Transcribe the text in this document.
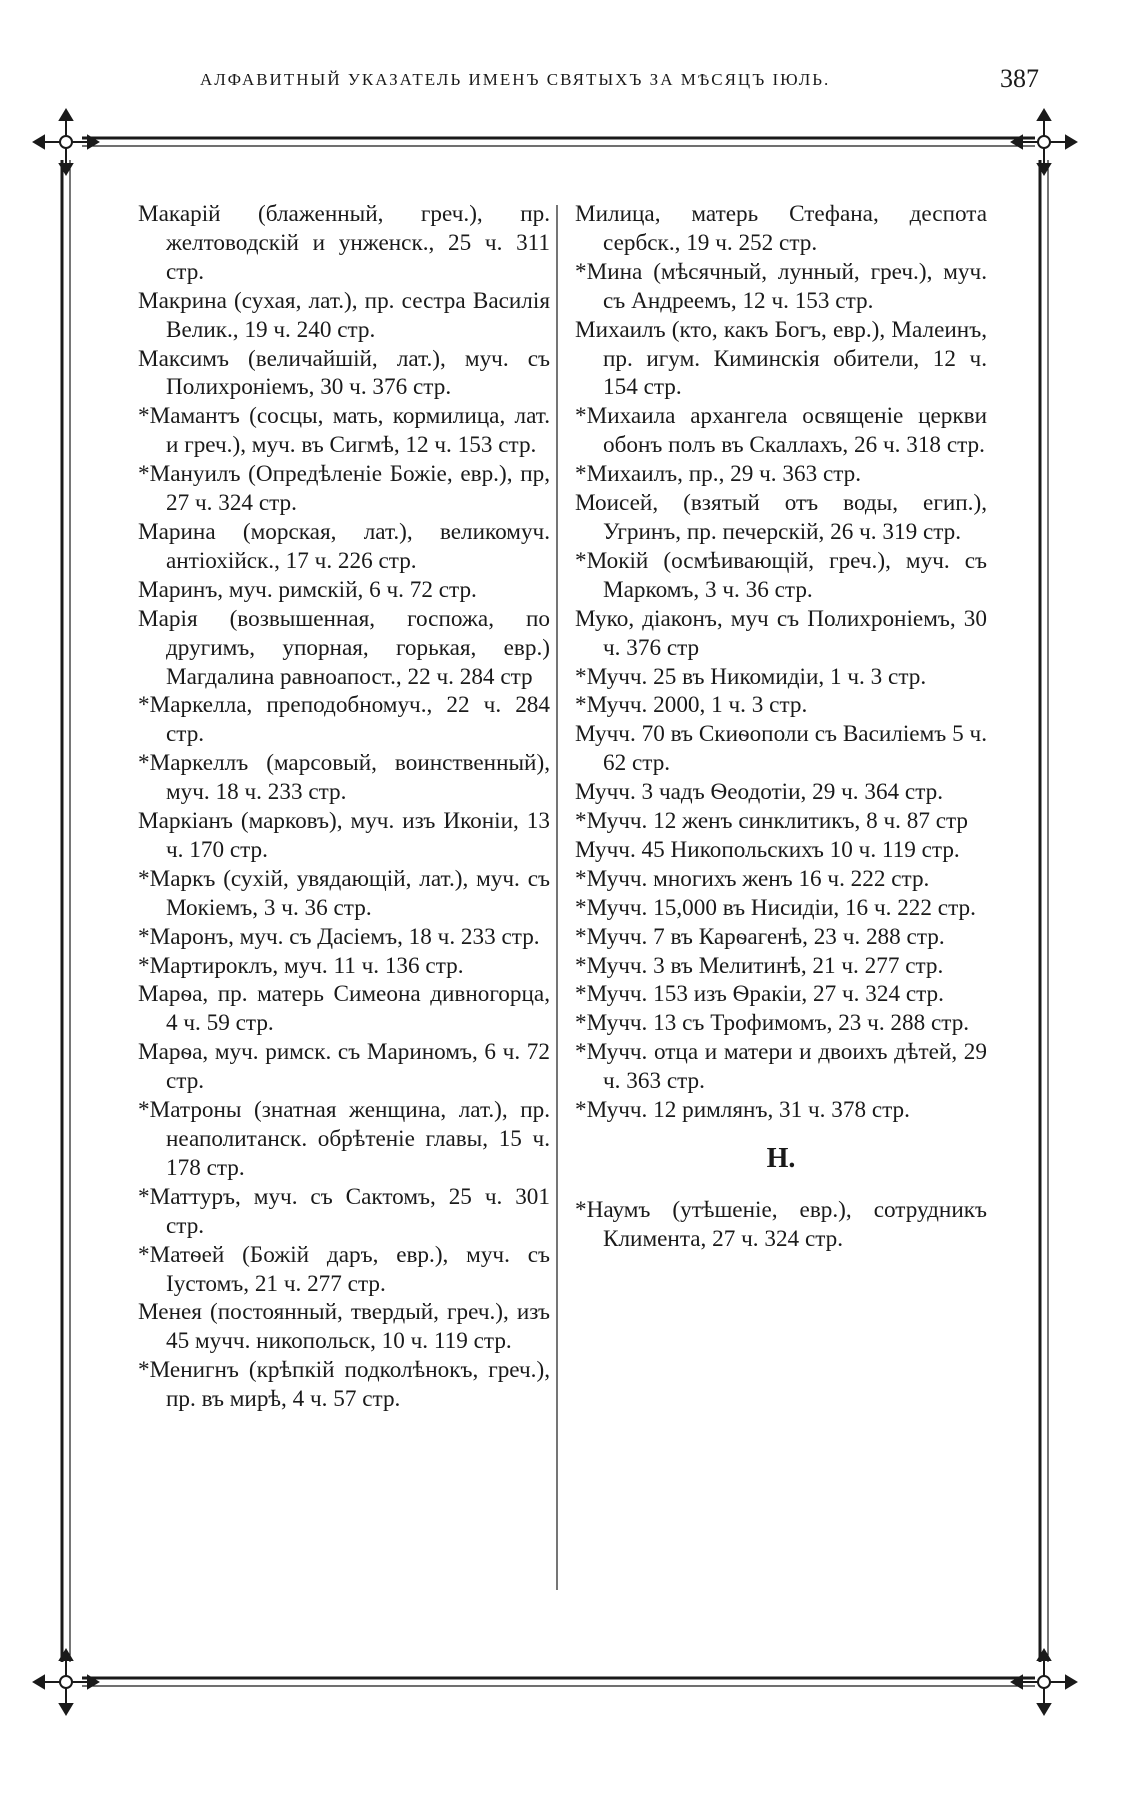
АЛФАВИТНЫЙ УКАЗАТЕЛЬ ИМЕНЪ СВЯТЫХЪ ЗА МѢСЯЦЪ ІЮЛЬ.	387
Макарій (блаженный, греч.), пр. желтоводскій и унженск., 25 ч. 311 стр.
Макрина (сухая, лат.), пр. сестра Василія Велик., 19 ч. 240 стр.
Максимъ (величайшій, лат.), муч. съ Полихроніемъ, 30 ч. 376 стр.
*Мамантъ (сосцы, мать, кормилица, лат. и греч.), муч. въ Сигмѣ, 12 ч. 153 стр.
*Мануилъ (Опредѣленіе Божіе, евр.), пр, 27 ч. 324 стр.
Марина (морская, лат.), великомуч. антіохійск., 17 ч. 226 стр.
Маринъ, муч. римскій, 6 ч. 72 стр.
Марія (возвышенная, госпожа, по другимъ, упорная, горькая, евр.) Магдалина равноапост., 22 ч. 284 стр
*Маркелла, преподобномуч., 22 ч. 284 стр.
*Маркеллъ (марсовый, воинственный), муч. 18 ч. 233 стр.
Маркіанъ (марковъ), муч. изъ Иконіи, 13 ч. 170 стр.
*Маркъ (сухій, увядающій, лат.), муч. съ Мокіемъ, 3 ч. 36 стр.
*Маронъ, муч. съ Дасіемъ, 18 ч. 233 стр.
*Мартироклъ, муч. 11 ч. 136 стр.
Марѳа, пр. матерь Симеона дивногорца, 4 ч. 59 стр.
Марѳа, муч. римск. съ Мариномъ, 6 ч. 72 стр.
*Матроны (знатная женщина, лат.), пр. неаполитанск. обрѣтеніе главы, 15 ч. 178 стр.
*Маттуръ, муч. съ Сактомъ, 25 ч. 301 стр.
*Матѳей (Божій даръ, евр.), муч. съ Іустомъ, 21 ч. 277 стр.
Менея (постоянный, твердый, греч.), изъ 45 мучч. никопольск, 10 ч. 119 стр.
*Менигнъ (крѣпкій подколѣнокъ, греч.), пр. въ мирѣ, 4 ч. 57 стр.
Милица, матерь Стефана, деспота сербск., 19 ч. 252 стр.
*Мина (мѣсячный, лунный, греч.), муч. съ Андреемъ, 12 ч. 153 стр.
Михаилъ (кто, какъ Богъ, евр.), Малеинъ, пр. игум. Киминскія обители, 12 ч. 154 стр.
*Михаила архангела освященіе церкви обонъ полъ въ Скаллахъ, 26 ч. 318 стр.
*Михаилъ, пр., 29 ч. 363 стр.
Моисей, (взятый отъ воды, егип.), Угринъ, пр. печерскій, 26 ч. 319 стр.
*Мокій (осмѣивающій, греч.), муч. съ Маркомъ, 3 ч. 36 стр.
Муко, діаконъ, муч съ Полихроніемъ, 30 ч. 376 стр
*Мучч. 25 въ Никомидіи, 1 ч. 3 стр.
*Мучч. 2000, 1 ч. 3 стр.
Мучч. 70 въ Скиѳополи съ Василіемъ 5 ч. 62 стр.
Мучч. 3 чадъ Ѳеодотіи, 29 ч. 364 стр.
*Мучч. 12 женъ синклитикъ, 8 ч. 87 стр
Мучч. 45 Никопольскихъ 10 ч. 119 стр.
*Мучч. многихъ женъ 16 ч. 222 стр.
*Мучч. 15,000 въ Нисидіи, 16 ч. 222 стр.
*Мучч. 7 въ Карѳагенѣ, 23 ч. 288 стр.
*Мучч. 3 въ Мелитинѣ, 21 ч. 277 стр.
*Мучч. 153 изъ Ѳракіи, 27 ч. 324 стр.
*Мучч. 13 съ Трофимомъ, 23 ч. 288 стр.
*Мучч. отца и матери и двоихъ дѣтей, 29 ч. 363 стр.
*Мучч. 12 римлянъ, 31 ч. 378 стр.
Н.
*Наумъ (утѣшеніе, евр.), сотрудникъ Климента, 27 ч. 324 стр.
